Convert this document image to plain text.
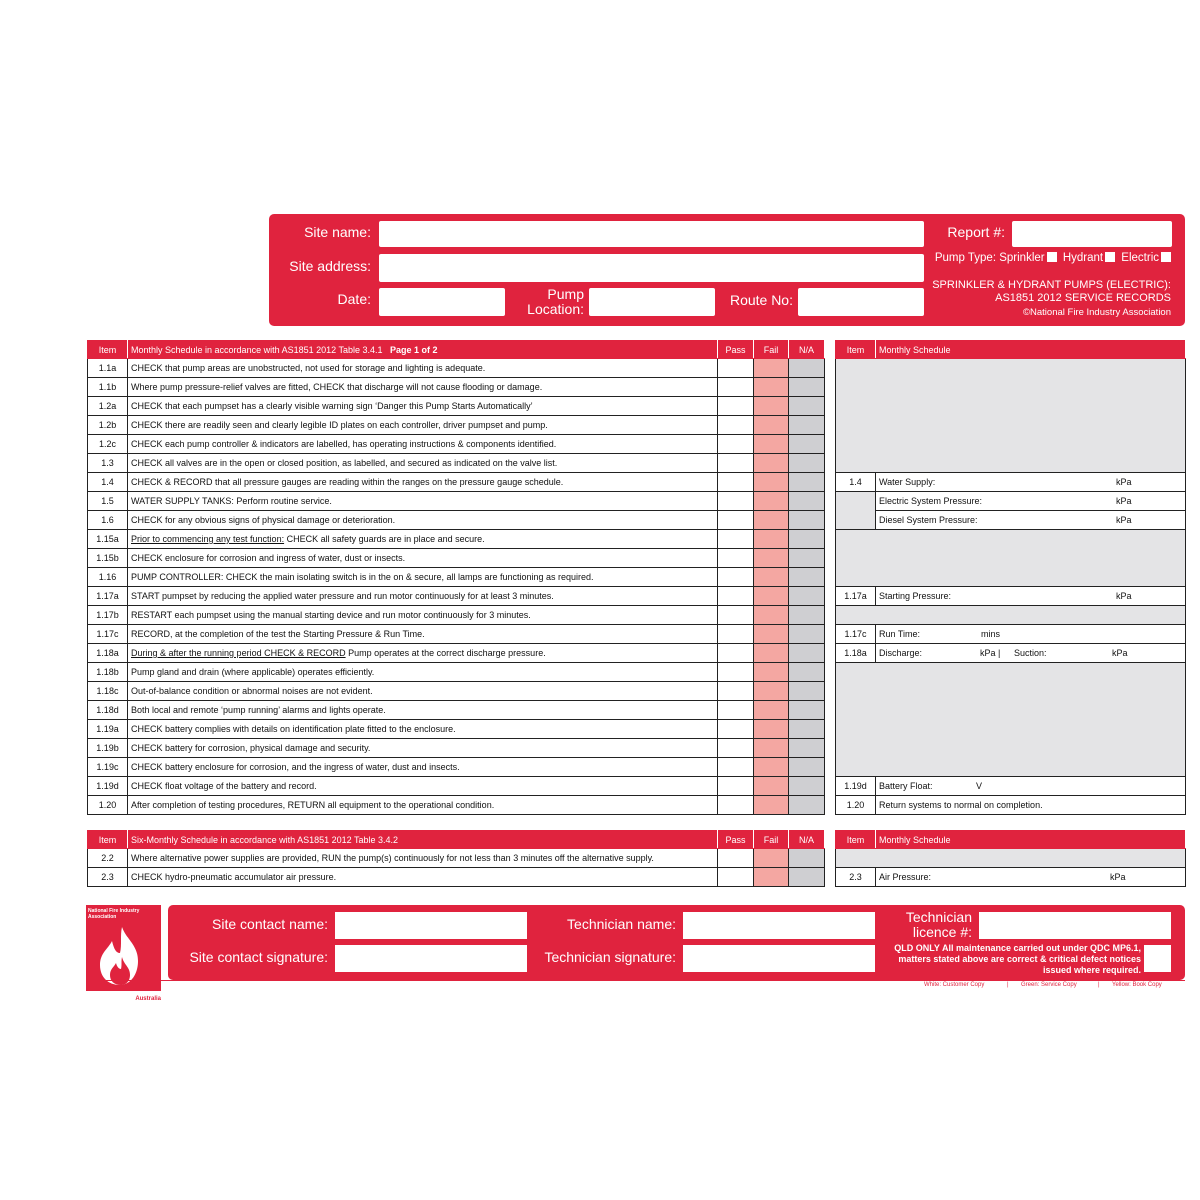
Site name:
Site address:
Date:	Pump
Location:
Route No:
Report #:
Pump Type: Sprinkler Hydrant Electric
SPRINKLER & HYDRANT PUMPS (ELECTRIC):
AS1851 2012 SERVICE RECORDS
©National Fire Industry Association
Item	Monthly Schedule in accordance with AS1851 2012 Table 3.4.1 Page 1 of 2	Pass	Fail	N/A
1.1a	CHECK that pump areas are unobstructed, not used for storage and lighting is adequate.			
1.1b	Where pump pressure-relief valves are fitted, CHECK that discharge will not cause flooding or damage.			
1.2a	CHECK that each pumpset has a clearly visible warning sign ‘Danger this Pump Starts Automatically’			
1.2b	CHECK there are readily seen and clearly legible ID plates on each controller, driver pumpset and pump.			
1.2c	CHECK each pump controller & indicators are labelled, has operating instructions & components identified.			
1.3	CHECK all valves are in the open or closed position, as labelled, and secured as indicated on the valve list.			
1.4	CHECK & RECORD that all pressure gauges are reading within the ranges on the pressure gauge schedule.			
1.5	WATER SUPPLY TANKS: Perform routine service.			
1.6	CHECK for any obvious signs of physical damage or deterioration.			
1.15a	Prior to commencing any test function: CHECK all safety guards are in place and secure.			
1.15b	CHECK enclosure for corrosion and ingress of water, dust or insects.			
1.16	PUMP CONTROLLER: CHECK the main isolating switch is in the on & secure, all lamps are functioning as required.			
1.17a	START pumpset by reducing the applied water pressure and run motor continuously for at least 3 minutes.			
1.17b	RESTART each pumpset using the manual starting device and run motor continuously for 3 minutes.			
1.17c	RECORD, at the completion of the test the Starting Pressure & Run Time.			
1.18a	During & after the running period CHECK & RECORD Pump operates at the correct discharge pressure.			
1.18b	Pump gland and drain (where applicable) operates efficiently.			
1.18c	Out-of-balance condition or abnormal noises are not evident.			
1.18d	Both local and remote ‘pump running’ alarms and lights operate.			
1.19a	CHECK battery complies with details on identification plate fitted to the enclosure.			
1.19b	CHECK battery for corrosion, physical damage and security.			
1.19c	CHECK battery enclosure for corrosion, and the ingress of water, dust and insects.			
1.19d	CHECK float voltage of the battery and record.			
1.20	After completion of testing procedures, RETURN all equipment to the operational condition.			
Item	Monthly Schedule

1.4	Water Supply: kPa

	Electric System Pressure: kPa

	Diesel System Pressure: kPa

1.17a	Starting Pressure: kPa

1.17c	Run Time: mins

1.18a	Discharge: kPa | Suction: kPa

1.19d	Battery Float: V

1.20	Return systems to normal on completion.
Item	Six-Monthly Schedule in accordance with AS1851 2012 Table 3.4.2	Pass	Fail	N/A
2.2	Where alternative power supplies are provided, RUN the pump(s) continuously for not less than 3 minutes off the alternative supply.			
2.3	CHECK hydro-pneumatic accumulator air pressure.			
Item	Monthly Schedule

2.3	Air Pressure: kPa
National Fire Industry Association
Australia
Site contact name:
Site contact signature:
Technician name:
Technician signature:
Technician
licence #:
QLD ONLY All maintenance carried out under QDC MP6.1, matters stated above are correct & critical defect notices issued where required.
White: Customer Copy	| Green: Service Copy	| Yellow: Book Copy
